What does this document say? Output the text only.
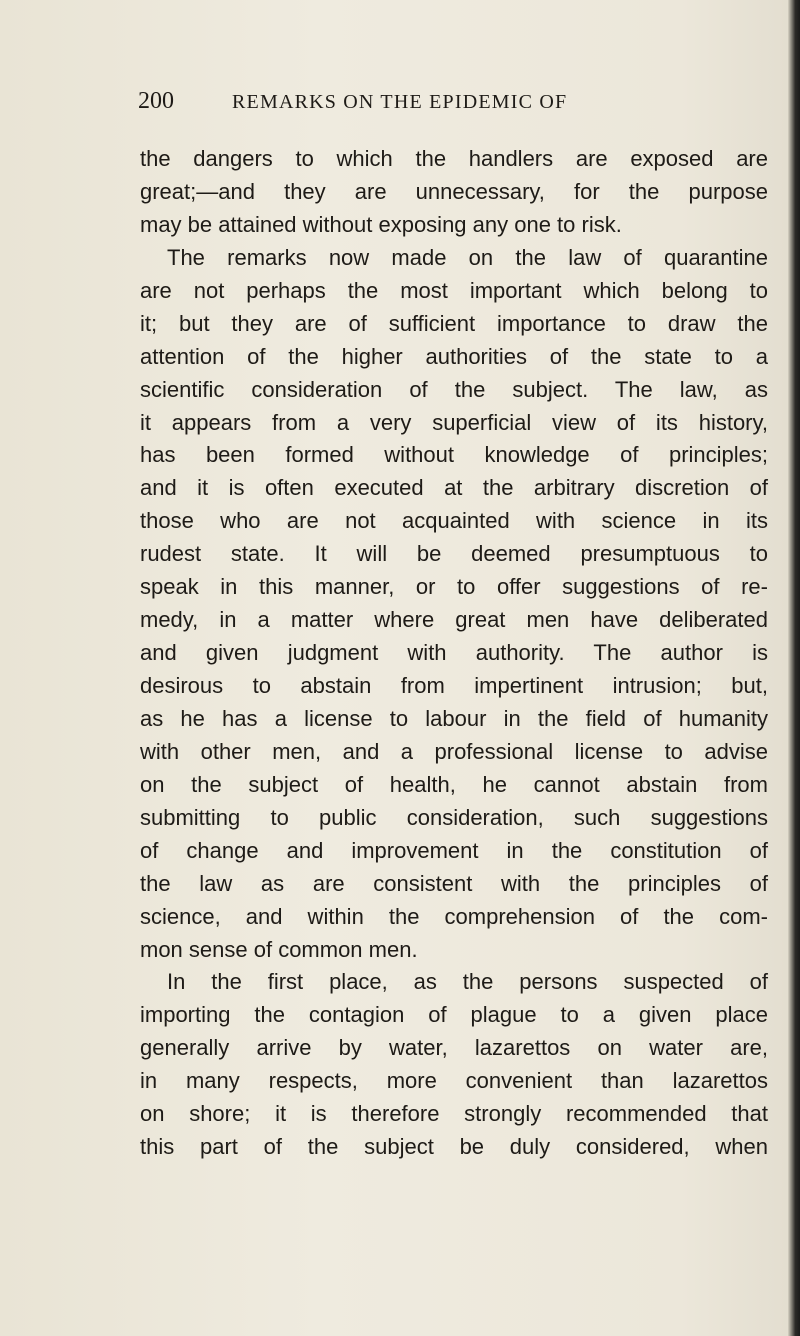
200	REMARKS ON THE EPIDEMIC OF
the dangers to which the handlers are exposed are
great;—and they are unnecessary, for the purpose
may be attained without exposing any one to risk.
The remarks now made on the law of quarantine
are not perhaps the most important which belong to
it; but they are of sufficient importance to draw the
attention of the higher authorities of the state to a
scientific consideration of the subject. The law, as
it appears from a very superficial view of its history,
has been formed without knowledge of principles;
and it is often executed at the arbitrary discretion of
those who are not acquainted with science in its
rudest state. It will be deemed presumptuous to
speak in this manner, or to offer suggestions of re-
medy, in a matter where great men have deliberated
and given judgment with authority. The author is
desirous to abstain from impertinent intrusion; but,
as he has a license to labour in the field of humanity
with other men, and a professional license to advise
on the subject of health, he cannot abstain from
submitting to public consideration, such suggestions
of change and improvement in the constitution of
the law as are consistent with the principles of
science, and within the comprehension of the com-
mon sense of common men.
In the first place, as the persons suspected of
importing the contagion of plague to a given place
generally arrive by water, lazarettos on water are,
in many respects, more convenient than lazarettos
on shore; it is therefore strongly recommended that
this part of the subject be duly considered, when
